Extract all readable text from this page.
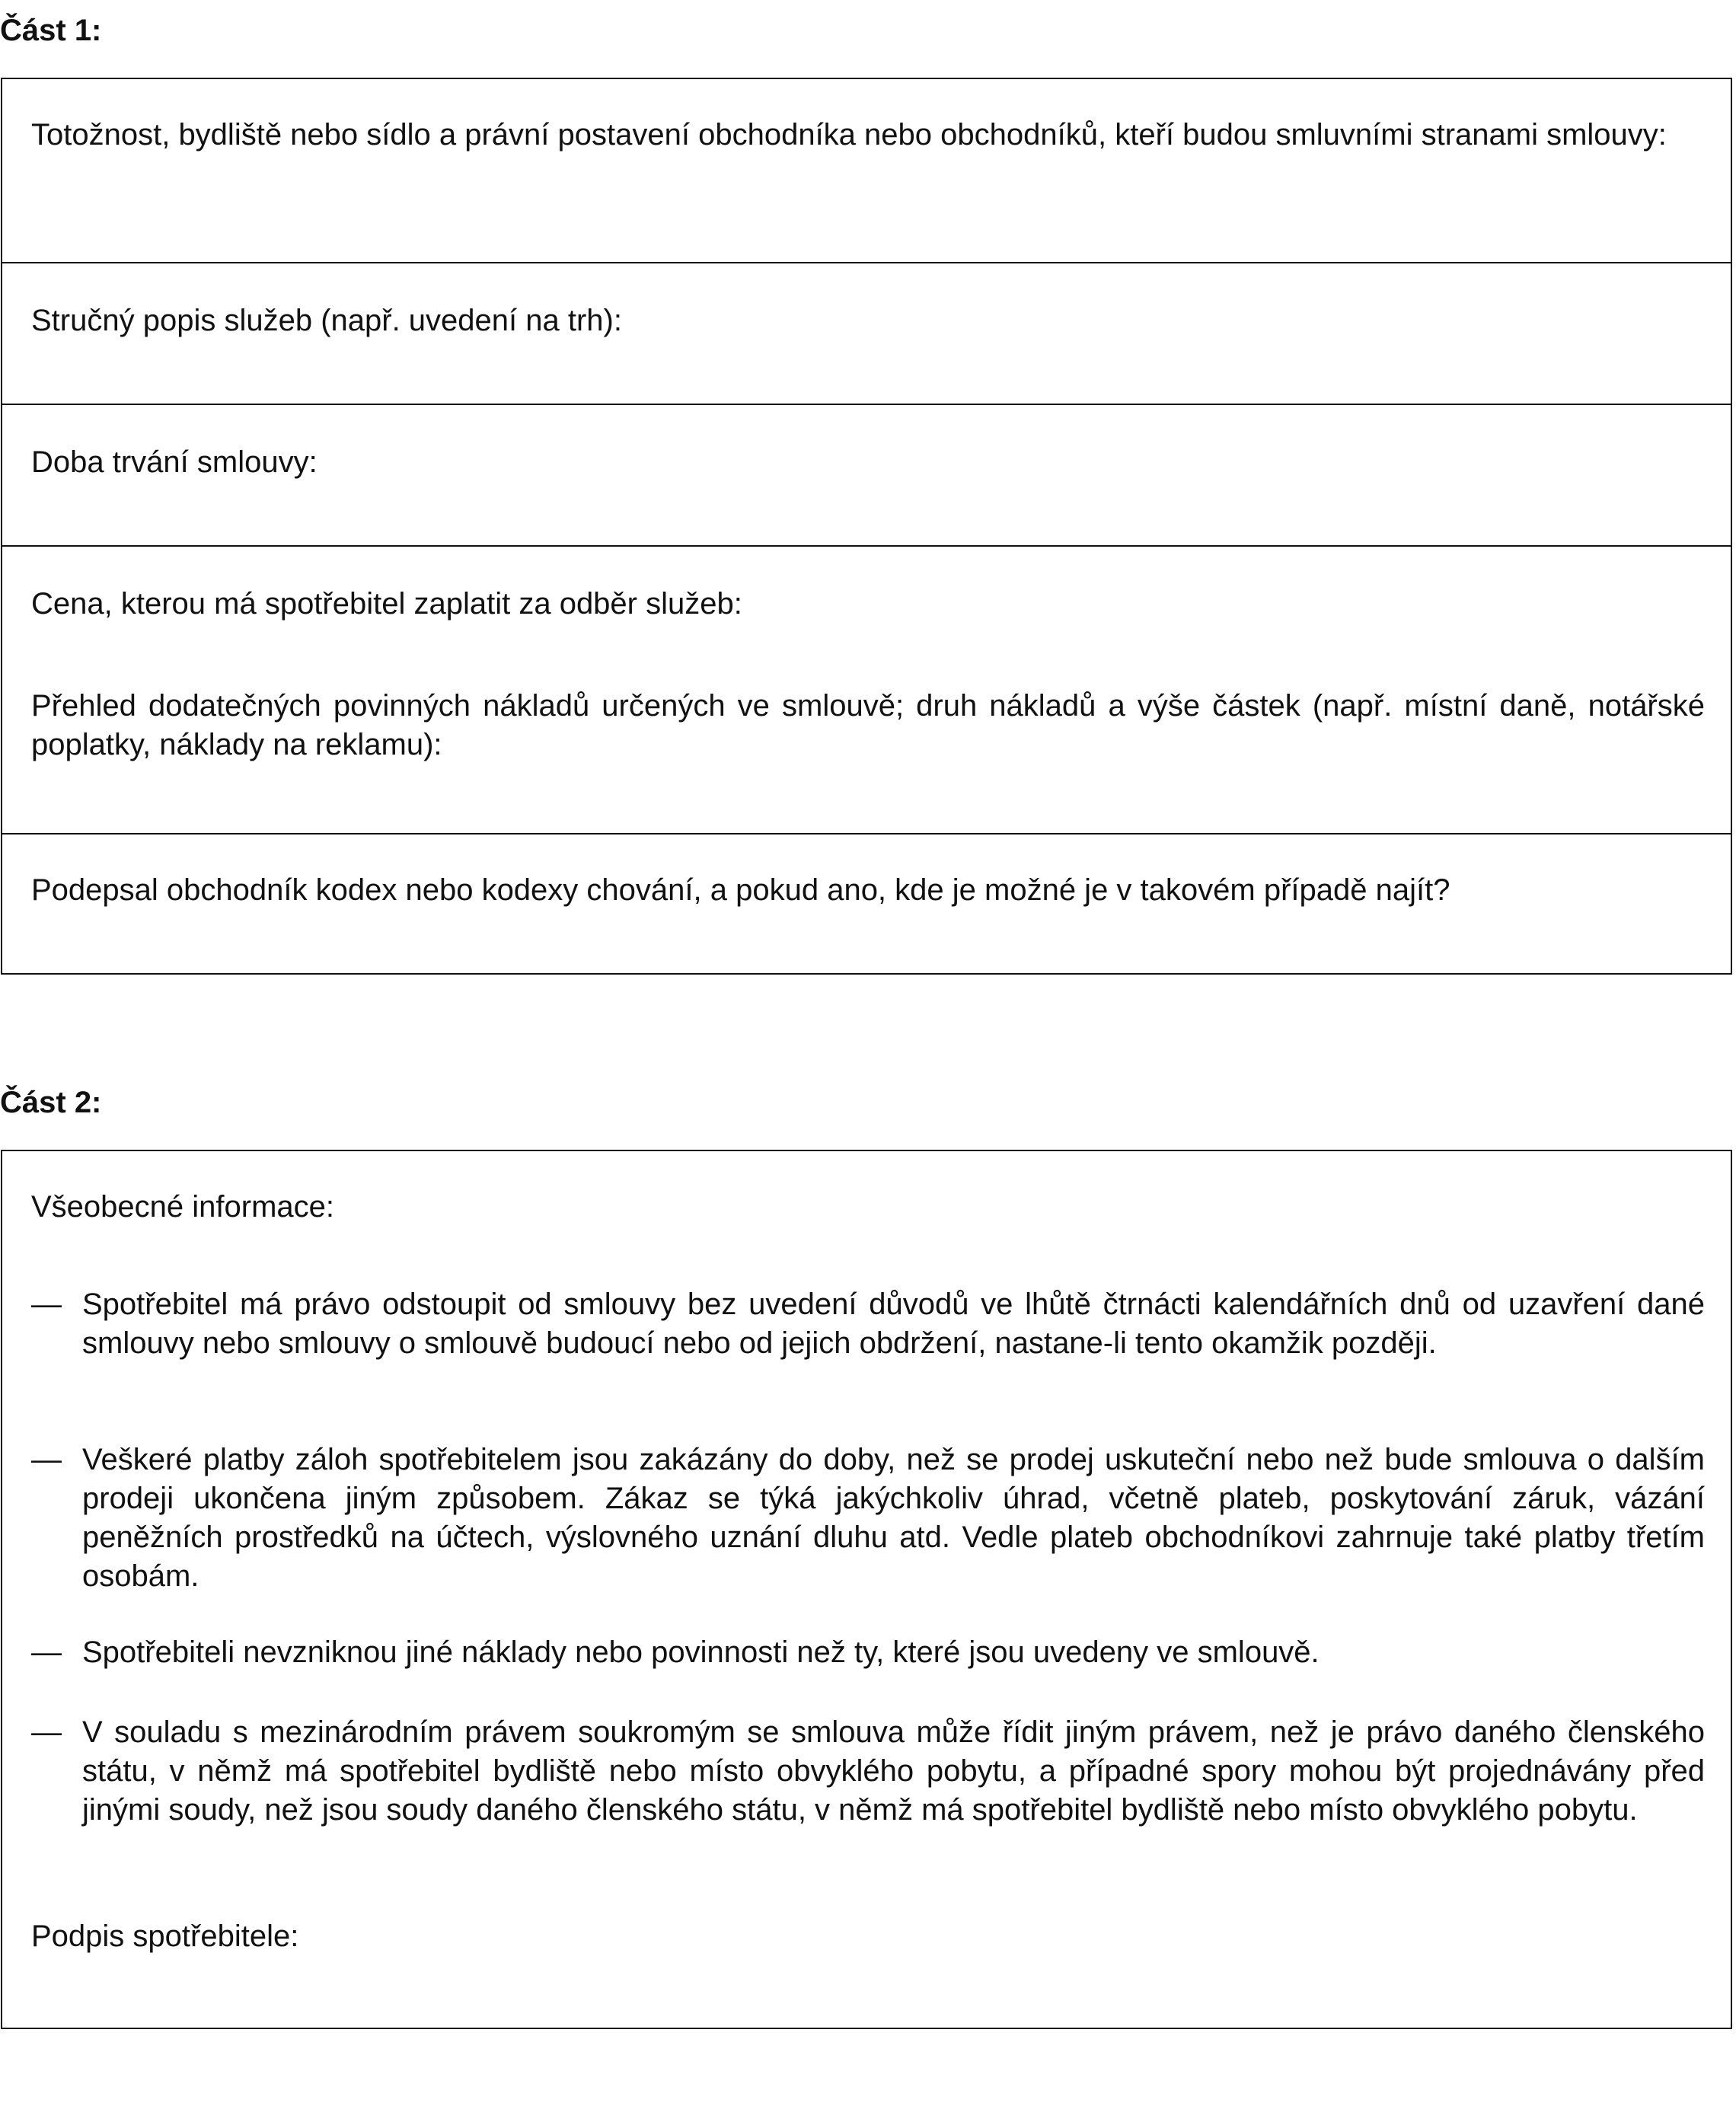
Část 1:

Totožnost, bydliště nebo sídlo a právní postavení obchodníka nebo obchodníků, kteří budou smluvními stranami smlouvy:

Stručný popis služeb (např. uvedení na trh):

Doba trvání smlouvy:

Cena, kterou má spotřebitel zaplatit za odběr služeb:

Přehled dodatečných povinných nákladů určených ve smlouvě; druh nákladů a výše částek (např. místní daně, notářské poplatky, náklady na reklamu):

Podepsal obchodník kodex nebo kodexy chování, a pokud ano, kde je možné je v takovém případě najít?

Část 2:

Všeobecné informace:

— Spotřebitel má právo odstoupit od smlouvy bez uvedení důvodů ve lhůtě čtrnácti kalendářních dnů od uzavření dané smlouvy nebo smlouvy o smlouvě budoucí nebo od jejich obdržení, nastane-li tento okamžik později.

— Veškeré platby záloh spotřebitelem jsou zakázány do doby, než se prodej uskuteční nebo než bude smlouva o dalším prodeji ukončena jiným způsobem. Zákaz se týká jakýchkoliv úhrad, včetně plateb, poskytování záruk, vázání peněžních prostředků na účtech, výslovného uznání dluhu atd. Vedle plateb obchodníkovi zahrnuje také platby třetím osobám.

— Spotřebiteli nevzniknou jiné náklady nebo povinnosti než ty, které jsou uvedeny ve smlouvě.

— V souladu s mezinárodním právem soukromým se smlouva může řídit jiným právem, než je právo daného členského státu, v němž má spotřebitel bydliště nebo místo obvyklého pobytu, a případné spory mohou být projednávány před jinými soudy, než jsou soudy daného členského státu, v němž má spotřebitel bydliště nebo místo obvyklého pobytu.

Podpis spotřebitele:
